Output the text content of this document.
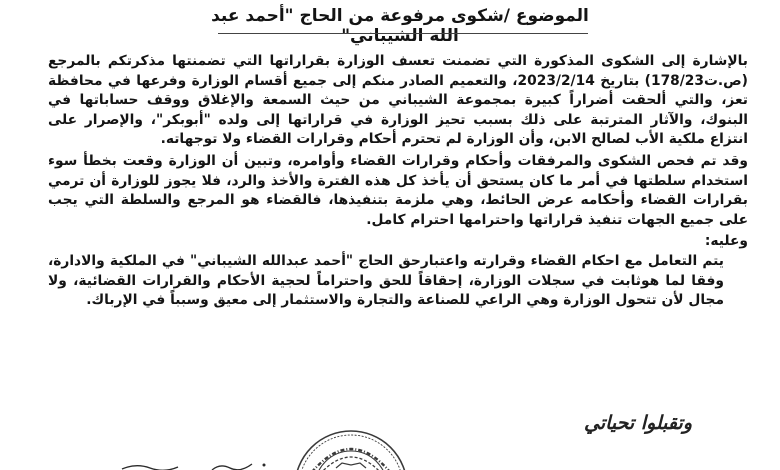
الموضوع /شكوى مرفوعة من الحاج "أحمد عبد الله الشيباني"

بالإشارة إلى الشكوى المذكورة التي تضمنت تعسف الوزارة بقراراتها التي تضمنتها مذكرتكم بالمرجع (ص.ت178/23) بتاريخ 2023/2/14، والتعميم الصادر منكم إلى جميع أقسام الوزارة وفرعها في محافظة تعز، والتي ألحقت أضراراً كبيرة بمجموعة الشيباني من حيث السمعة والإغلاق ووقف حساباتها في البنوك، والآثار المترتبة على ذلك بسبب تحيز الوزارة في قراراتها إلى ولده "أبوبكر"، والإصرار على انتزاع ملكية الأب لصالح الابن، وأن الوزارة لم تحترم أحكام وقرارات القضاء ولا توجهاته.

وقد تم فحص الشكوى والمرفقات وأحكام وقرارات القضاء وأوامره، وتبين أن الوزارة وقعت بخطأ سوء استخدام سلطتها في أمر ما كان يستحق أن يأخذ كل هذه الفترة والأخذ والرد، فلا يجوز للوزارة أن ترمي بقرارات القضاء وأحكامه عرض الحائط، وهي ملزمة بتنفيذها، فالقضاء هو المرجع والسلطة التي يجب على جميع الجهات تنفيذ قراراتها واحترامها احترام كامل.

وعليه:

يتم التعامل مع احكام القضاء وقرارته واعتبارحق الحاج "أحمد عبدالله الشيباني" في الملكية والادارة، وفقا لما هوثابت في سجلات الوزارة، إحقاقاً للحق واحتراماً لحجية الأحكام والقرارات القضائية، ولا مجال لأن تتحول الوزارة وهي الراعي للصناعة والتجارة والاستثمار إلى معيق وسبباً في الإرباك.

وتقبلوا تحياتي
